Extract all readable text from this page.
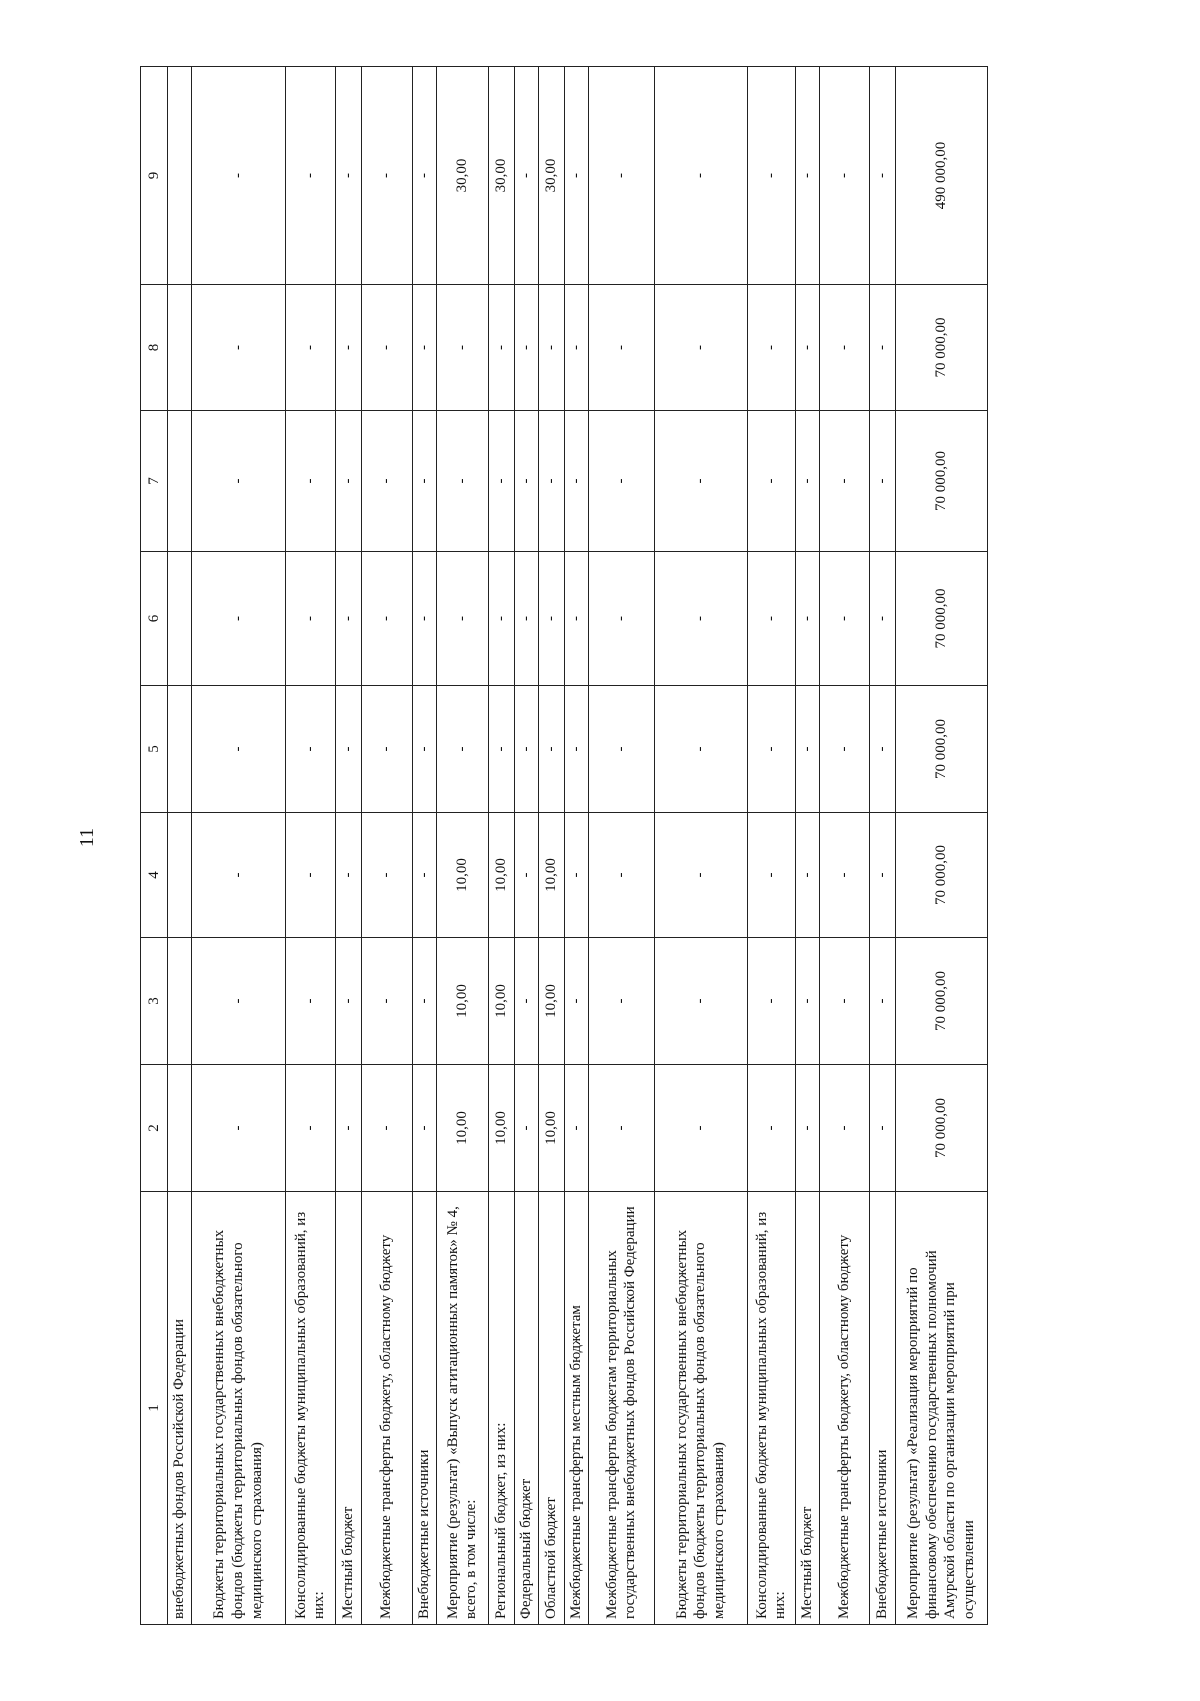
11
1	2	3	4	5	6	7	8	9
внебюджетных фондов Российской Федерации								
Бюджеты территориальных государственных внебюджетных фондов (бюджеты территориальных фондов обязательного медицинского страхования)	-	-	-	-	-	-	-	-
Консолидированные бюджеты муниципальных образований, из них:	-	-	-	-	-	-	-	-
Местный бюджет	-	-	-	-	-	-	-	-
Межбюджетные трансферты бюджету, областному бюджету	-	-	-	-	-	-	-	-
Внебюджетные источники	-	-	-	-	-	-	-	-
Мероприятие (результат) «Выпуск агитационных памяток» № 4, всего, в том числе:	10,00	10,00	10,00	-	-	-	-	30,00
Региональный бюджет, из них:	10,00	10,00	10,00	-	-	-	-	30,00
Федеральный бюджет	-	-	-	-	-	-	-	-
Областной бюджет	10,00	10,00	10,00	-	-	-	-	30,00
Межбюджетные трансферты местным бюджетам	-	-	-	-	-	-	-	-
Межбюджетные трансферты бюджетам территориальных государственных внебюджетных фондов Российской Федерации	-	-	-	-	-	-	-	-
Бюджеты территориальных государственных внебюджетных фондов (бюджеты территориальных фондов обязательного медицинского страхования)	-	-	-	-	-	-	-	-
Консолидированные бюджеты муниципальных образований, из них:	-	-	-	-	-	-	-	-
Местный бюджет	-	-	-	-	-	-	-	-
Межбюджетные трансферты бюджету, областному бюджету	-	-	-	-	-	-	-	-
Внебюджетные источники	-	-	-	-	-	-	-	-
Мероприятие (результат) «Реализация мероприятий по финансовому обеспечению государственных полномочий Амурской области по организации мероприятий при осуществлении	70 000,00	70 000,00	70 000,00	70 000,00	70 000,00	70 000,00	70 000,00	490 000,00
